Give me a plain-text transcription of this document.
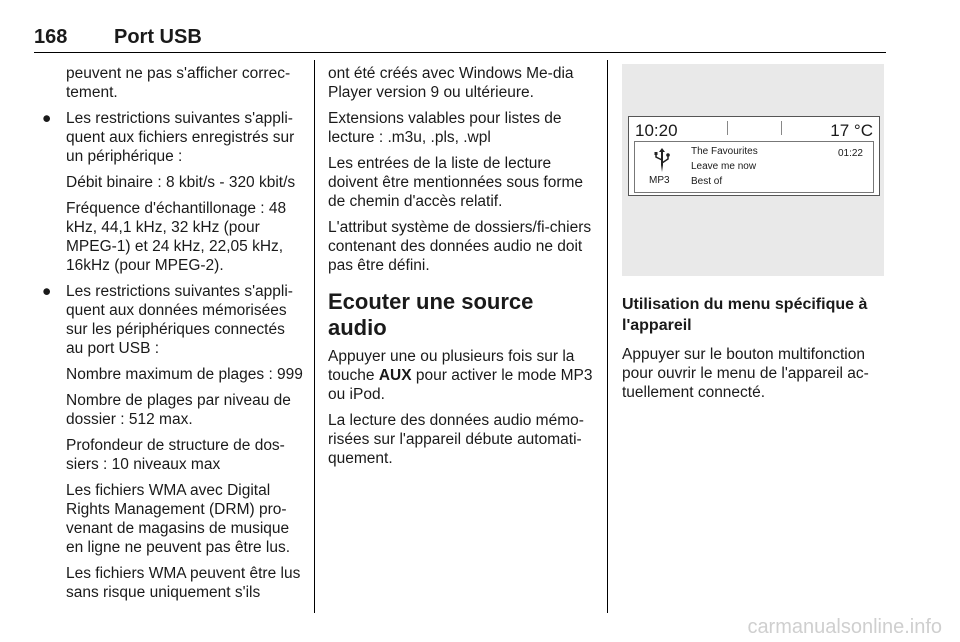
168 Port USB

peuvent ne pas s'afficher correc-tement.

● Les restrictions suivantes s'appli-quent aux fichiers enregistrés sur un périphérique :

Débit binaire : 8 kbit/s - 320 kbit/s

Fréquence d'échantillonage : 48 kHz, 44,1 kHz, 32 kHz (pour MPEG-1) et 24 kHz, 22,05 kHz, 16kHz (pour MPEG-2).

● Les restrictions suivantes s'appli-quent aux données mémorisées sur les périphériques connectés au port USB :

Nombre maximum de plages : 999

Nombre de plages par niveau de dossier : 512 max.

Profondeur de structure de dos-siers : 10 niveaux max

Les fichiers WMA avec Digital Rights Management (DRM) pro-venant de magasins de musique en ligne ne peuvent pas être lus.

Les fichiers WMA peuvent être lus sans risque uniquement s'ils

ont été créés avec Windows Me-dia Player version 9 ou ultérieure.

Extensions valables pour listes de lecture : .m3u, .pls, .wpl

Les entrées de la liste de lecture doivent être mentionnées sous forme de chemin d'accès relatif.

L'attribut système de dossiers/fi-chiers contenant des données audio ne doit pas être défini.

Ecouter une source audio

Appuyer une ou plusieurs fois sur la touche AUX pour activer le mode MP3 ou iPod.

La lecture des données audio mémo-risées sur l'appareil débute automati-quement.

10:20	17 °C
MP3
The Favourites
Leave me now
Best of
01:22
Utilisation du menu spécifique à l'appareil

Appuyer sur le bouton multifonction pour ouvrir le menu de l'appareil ac-tuellement connecté.

carmanualsonline.info
